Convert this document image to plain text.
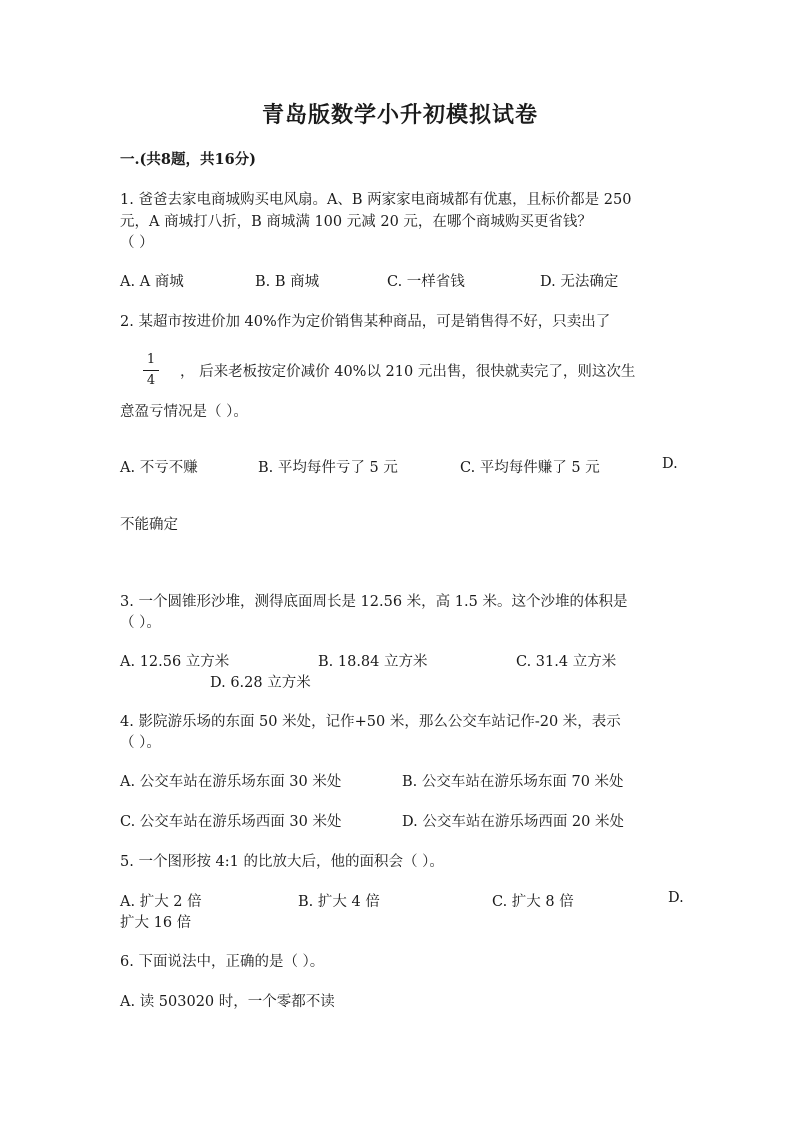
青岛版数学小升初模拟试卷
一.(共8题，共16分)
1. 爸爸去家电商城购买电风扇。A、B 两家家电商城都有优惠，且标价都是 250
元，A 商城打八折，B 商城满 100 元减 20 元，在哪个商城购买更省钱？
（ ）
A. A 商城	B. B 商城	C. 一样省钱	D. 无法确定
2. 某超市按进价加 40%作为定价销售某种商品，可是销售得不好，只卖出了
1
4
， 后来老板按定价减价 40%以 210 元出售，很快就卖完了，则这次生
意盈亏情况是（ ）。
A. 不亏不赚	B. 平均每件亏了 5 元	C. 平均每件赚了 5 元	D.
不能确定
3. 一个圆锥形沙堆，测得底面周长是 12.56 米，高 1.5 米。这个沙堆的体积是
（ ）。
A. 12.56 立方米	B. 18.84 立方米	C. 31.4 立方米
D. 6.28 立方米
4. 影院游乐场的东面 50 米处，记作+50 米，那么公交车站记作-20 米，表示
（ ）。
A. 公交车站在游乐场东面 30 米处	B. 公交车站在游乐场东面 70 米处
C. 公交车站在游乐场西面 30 米处	D. 公交车站在游乐场西面 20 米处
5. 一个图形按 4:1 的比放大后，他的面积会（ ）。
A. 扩大 2 倍	B. 扩大 4 倍	C. 扩大 8 倍	D.
扩大 16 倍
6. 下面说法中，正确的是（ ）。
A. 读 503020 时，一个零都不读
